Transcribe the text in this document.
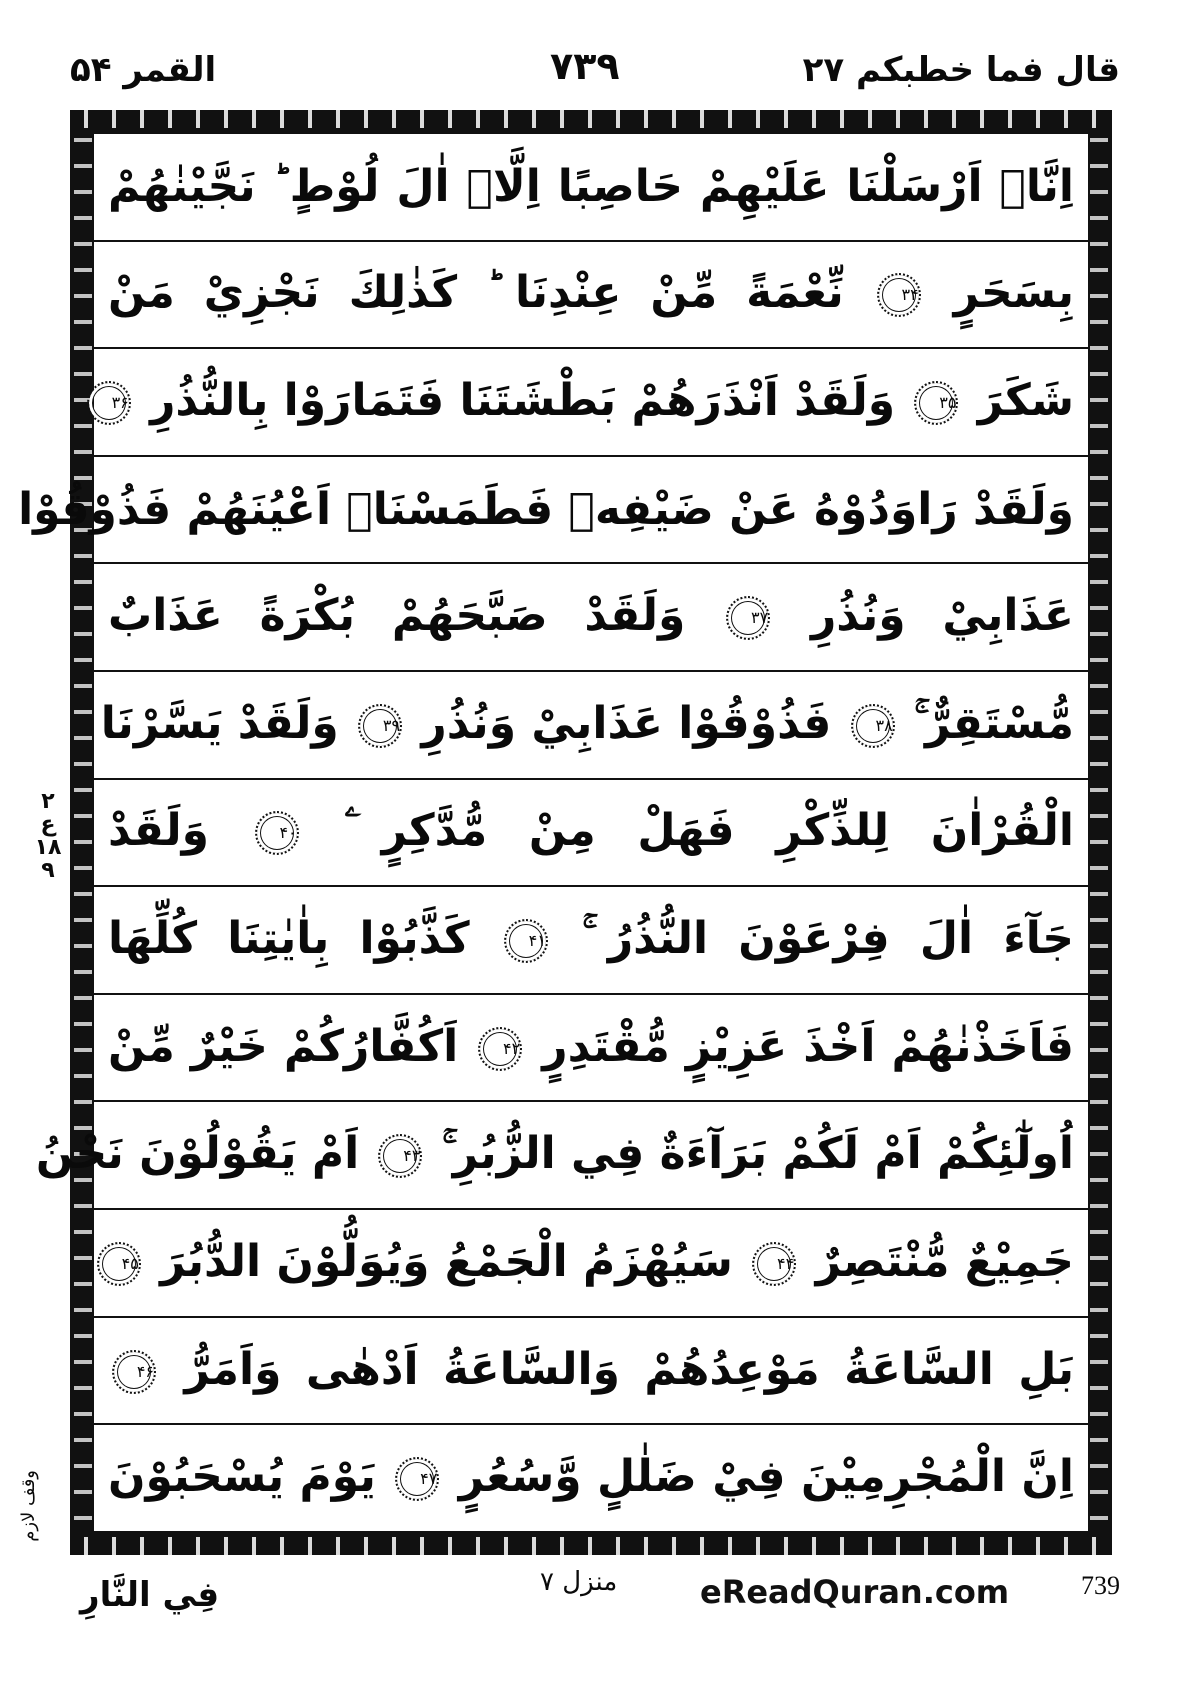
القمر ۵۴	۷۳۹	قال فما خطبكم ۲۷
اِنَّاۤ اَرْسَلْنَا عَلَيْهِمْ حَاصِبًا اِلَّاۤ اٰلَ لُوْطٍ ؕ نَجَّيْنٰهُمْ
بِسَحَرٍ ۳۴ نِّعْمَةً مِّنْ عِنْدِنَا ؕ كَذٰلِكَ نَجْزِيْ مَنْ
شَكَرَ ۳۵ وَلَقَدْ اَنْذَرَهُمْ بَطْشَتَنَا فَتَمَارَوْا بِالنُّذُرِ ۳۶
وَلَقَدْ رَاوَدُوْهُ عَنْ ضَيْفِهٖ فَطَمَسْنَاۤ اَعْيُنَهُمْ فَذُوْقُوْا
عَذَابِيْ وَنُذُرِ ۳۷ وَلَقَدْ صَبَّحَهُمْ بُكْرَةً عَذَابٌ
مُّسْتَقِرٌّ ۚ ۳۸ فَذُوْقُوْا عَذَابِيْ وَنُذُرِ ۳۹ وَلَقَدْ يَسَّرْنَا
الْقُرْاٰنَ لِلذِّكْرِ فَهَلْ مِنْ مُّدَّكِرٍ ۧ ۴۰ وَلَقَدْ
جَآءَ اٰلَ فِرْعَوْنَ النُّذُرُ ۚ ۴۱ كَذَّبُوْا بِاٰيٰتِنَا كُلِّهَا
فَاَخَذْنٰهُمْ اَخْذَ عَزِيْزٍ مُّقْتَدِرٍ ۴۲ اَكُفَّارُكُمْ خَيْرٌ مِّنْ
اُولٰٓئِكُمْ اَمْ لَكُمْ بَرَآءَةٌ فِي الزُّبُرِ ۚ ۴۳ اَمْ يَقُوْلُوْنَ نَحْنُ
جَمِيْعٌ مُّنْتَصِرٌ ۴۴ سَيُهْزَمُ الْجَمْعُ وَيُوَلُّوْنَ الدُّبُرَ ۴۵
بَلِ السَّاعَةُ مَوْعِدُهُمْ وَالسَّاعَةُ اَدْهٰى وَاَمَرُّ ۴۶
اِنَّ الْمُجْرِمِيْنَ فِيْ ضَلٰلٍ وَّسُعُرٍ ۴۷ يَوْمَ يُسْحَبُوْنَ
۲
ع
۱۸
۹
وقف لازم
فِي النَّارِ	منزل ۷	eReadQuran.com	739
